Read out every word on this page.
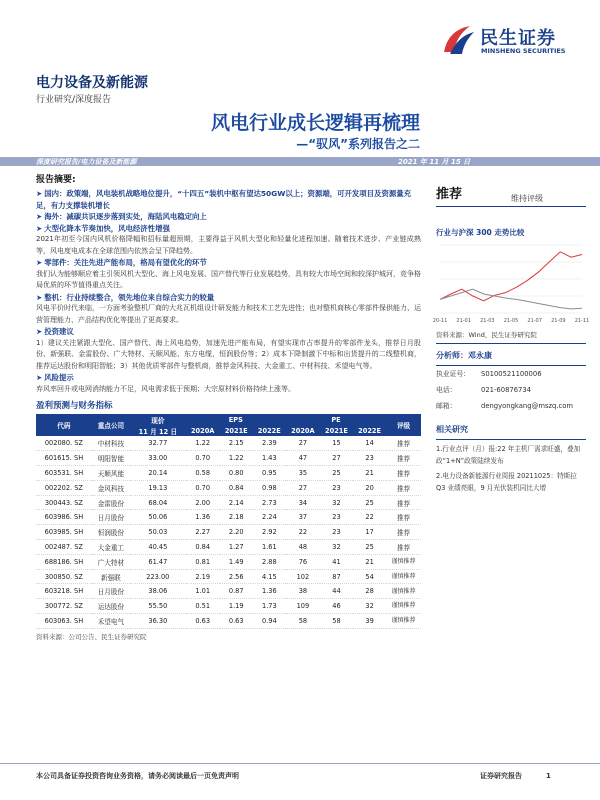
民生证券
MINSHENG SECURITIES
电力设备及新能源
行业研究/深度报告
风电行业成长逻辑再梳理
—“驭风”系列报告之二
深度研究报告/电力设备及新能源	2021 年 11 月 15 日
报告摘要:
➤ 国内：政策端，风电装机战略地位提升，“十四五”装机中枢有望达50GW以上；资源端，可开发项目及资源量充足，有力支撑装机增长
➤ 海外：减碳共识逐步落到实处，海陆风电稳定向上
➤ 大型化降本节奏加快，风电经济性增强
2021年初至今国内风机价格降幅和招标量超预期，主要得益于风机大型化和轻量化进程加速。随着技术进步、产业链成熟等，风电度电成本在全球范围内依然会呈下降趋势。
➤ 零部件：关注先进产能布局，格局有望优化的环节
我们认为能够顺应着主引领风机大型化、海上风电发展、国产替代等行业发展趋势，具有较大市场空间和较深护城河，竞争格局优质的环节值得重点关注。
➤ 整机：行业持续整合，领先地位来自综合实力的较量
风电平价时代来临，一方面考验整机厂商的大兆瓦机组设计研发能力和技术工艺先进性；也对整机商核心零部件保供能力、运营管理能力、产品结构优化等提出了更高要求。
➤ 投资建议
1）建议关注紧跟大型化、国产替代、海上风电趋势，加速先进产能布局，有望实现市占率提升的零部件龙头，推荐日月股份、新强联、金雷股份、广大特材、天顺风能、东方电缆，恒润股份等；2）成本下降制激下中标和出货提升的二线整机商，推荐运达股份和明阳智能；3）其他优质零部件与整机商，推荐金风科技、大金重工、中材科技、禾望电气等。
➤ 风险提示
弃风率回升或电网消纳能力不足，风电需求低于预期；大宗原材料价格持续上涨等。
盈利预测与财务指标
代码	重点公司	现价	EPS			PE			评级
		11 月 12 日	2020A	2021E	2022E	2020A	2021E	2022E	
002080. SZ	中材科技	32.77	1.22	2.15	2.39	27	15	14	推荐
601615. SH	明阳智能	33.00	0.70	1.22	1.43	47	27	23	推荐
603531. SH	天顺风能	20.14	0.58	0.80	0.95	35	25	21	推荐
002202. SZ	金风科技	19.13	0.70	0.84	0.98	27	23	20	推荐
300443. SZ	金雷股份	68.04	2.00	2.14	2.73	34	32	25	推荐
603986. SH	日月股份	50.06	1.36	2.18	2.24	37	23	22	推荐
603985. SH	恒润股份	50.03	2.27	2.20	2.92	22	23	17	推荐
002487. SZ	大金重工	40.45	0.84	1.27	1.61	48	32	25	推荐
688186. SH	广大特材	61.47	0.81	1.49	2.88	76	41	21	谨慎推荐
300850. SZ	新强联	223.00	2.19	2.56	4.15	102	87	54	谨慎推荐
603218. SH	日月股份	38.06	1.01	0.87	1.36	38	44	28	谨慎推荐
300772. SZ	运达股份	55.50	0.51	1.19	1.73	109	46	32	谨慎推荐
603063. SH	禾望电气	36.30	0.63	0.63	0.94	58	58	39	谨慎推荐
资料来源：公司公告、民生证券研究院
推荐	维持评级
行业与沪深 300 走势比较
20-11 21-01 21-03 21-05 21-07 21-09 21-11
资料来源：Wind，民生证券研究院
分析师：邓永康
执业证号：	S0100521100006
电话：	021-60876734
邮箱：	dengyongkang@mszq.com
相关研究
1.行业点评（月）报:22 年主机厂需求旺盛，叠加政“1+N”政策陆续发布
2.电力设备新能源行业周报 20211025：特斯拉 Q3 业绩亮眼，9 月光伏装机同比大增
本公司具备证券投资咨询业务资格，请务必阅读最后一页免责声明	证券研究报告	1
